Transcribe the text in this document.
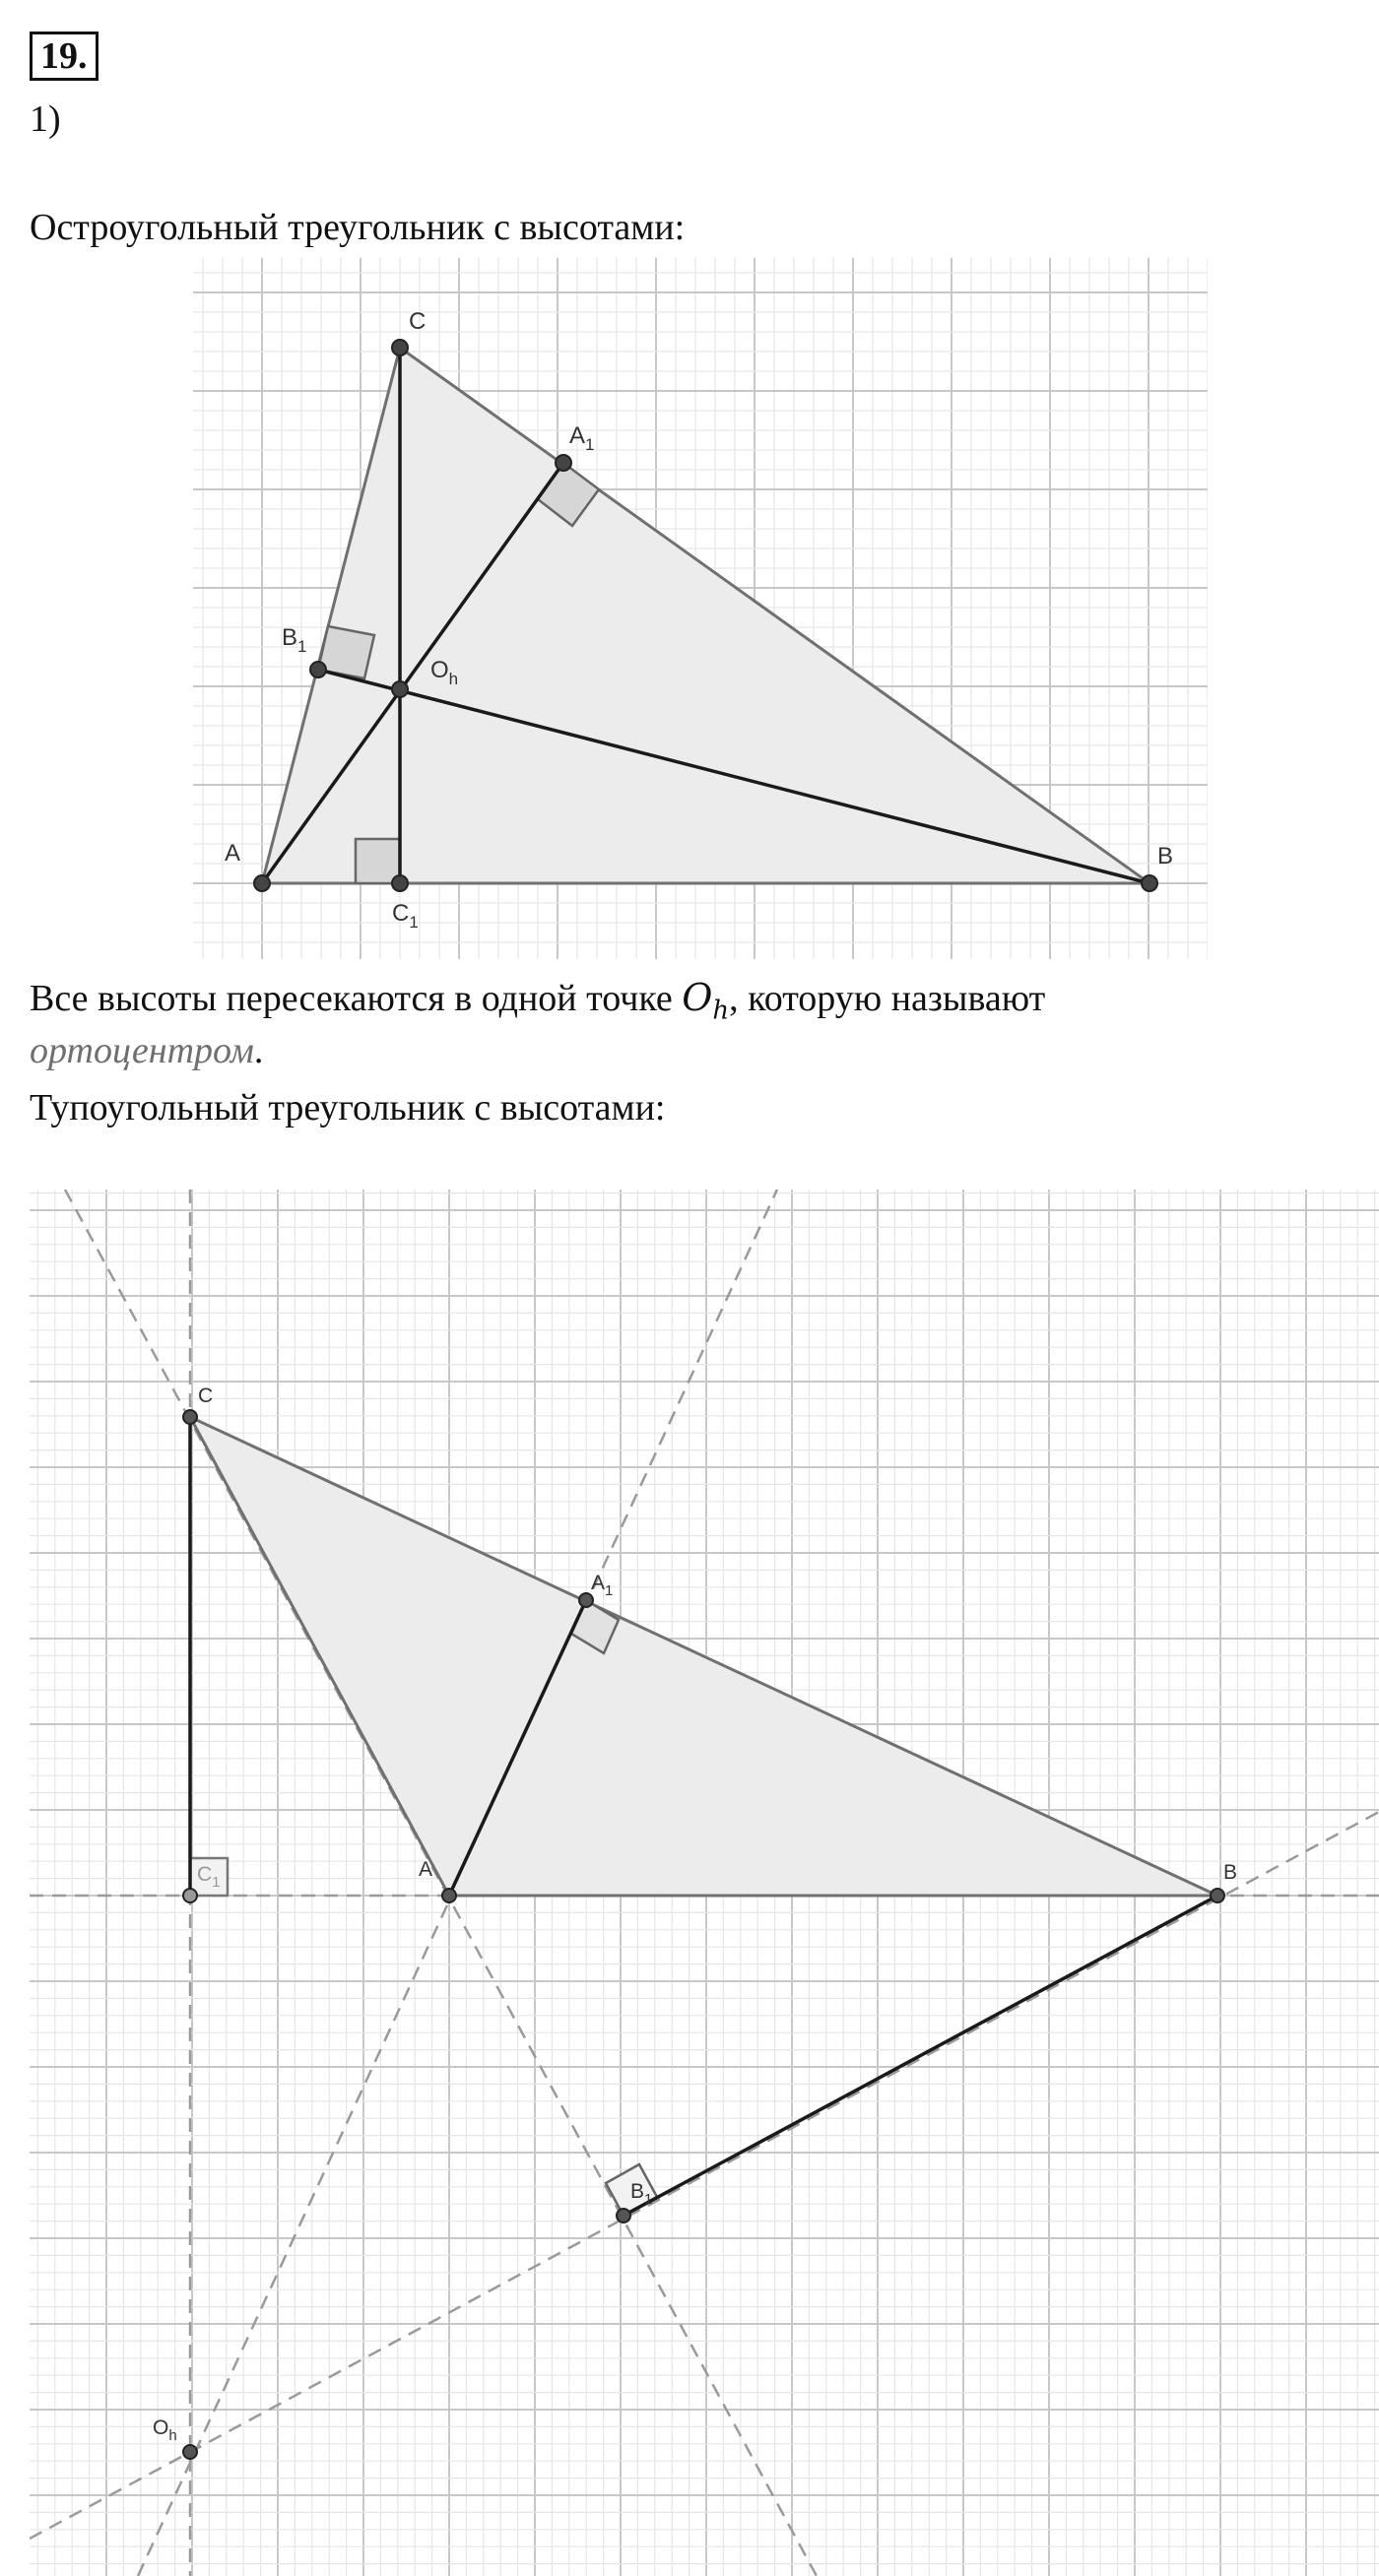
19.
1)
Остроугольный треугольник с высотами:
Все высоты пересекаются в одной точке $O_h$, которую называют
ортоцентром.
Тупоугольный треугольник с высотами:
A	B
C
$A_1$
$B_1$
$C_1$
$O_h$
A	B
C
$A_1$
$B_1$
$C_1$
$O_h$
